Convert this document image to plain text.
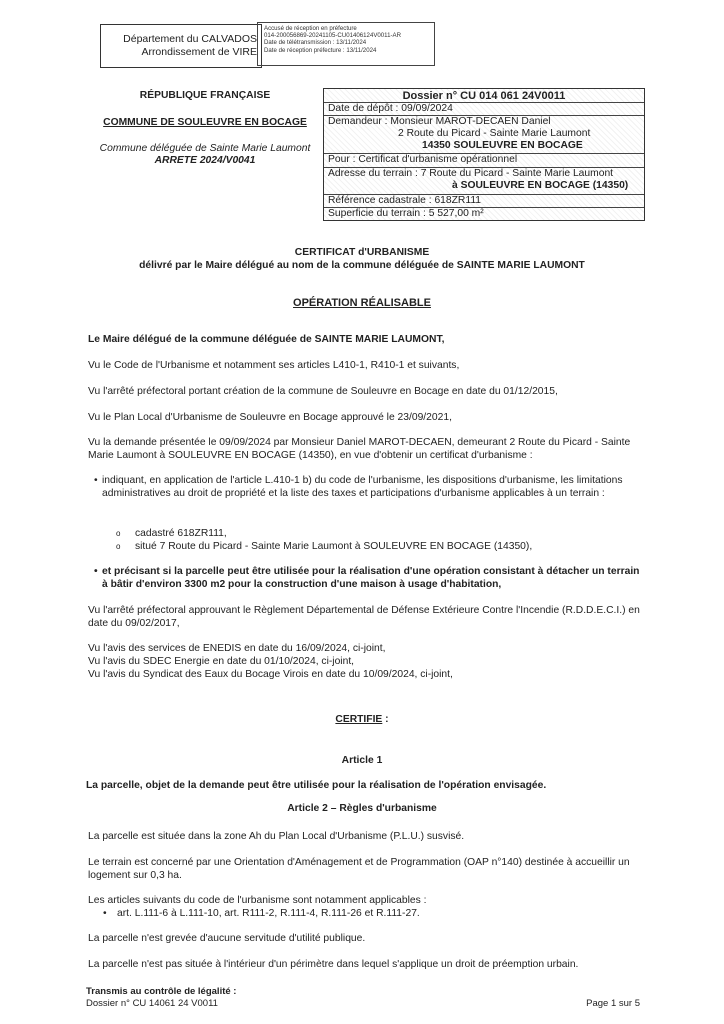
Département du CALVADOS
Arrondissement de VIRE
Accusé de réception en préfecture
014-200056869-20241105-CU01406124V0011-AR
Date de télétransmission : 13/11/2024
Date de réception préfecture : 13/11/2024
RÉPUBLIQUE FRANÇAISE
COMMUNE DE SOULEUVRE EN BOCAGE
Commune déléguée de Sainte Marie Laumont
ARRETE 2024/V0041
Dossier n° CU 014 061 24V0011
Date de dépôt : 09/09/2024
Demandeur : Monsieur MAROT-DECAEN Daniel
2 Route du Picard - Sainte Marie Laumont
14350 SOULEUVRE EN BOCAGE
Pour : Certificat d'urbanisme opérationnel
Adresse du terrain : 7 Route du Picard - Sainte Marie Laumont
à SOULEUVRE EN BOCAGE (14350)
Référence cadastrale : 618ZR111
Superficie du terrain : 5 527,00 m²
CERTIFICAT d'URBANISME
délivré par le Maire délégué au nom de la commune déléguée de SAINTE MARIE LAUMONT
OPÉRATION RÉALISABLE
Le Maire délégué de la commune déléguée de SAINTE MARIE LAUMONT,
Vu le Code de l'Urbanisme et notamment ses articles L410-1, R410-1 et suivants,
Vu l'arrêté préfectoral portant création de la commune de Souleuvre en Bocage en date du 01/12/2015,
Vu le Plan Local d'Urbanisme de Souleuvre en Bocage approuvé le 23/09/2021,
Vu la demande présentée le 09/09/2024 par Monsieur Daniel MAROT-DECAEN, demeurant 2 Route du Picard - Sainte Marie Laumont à SOULEUVRE EN BOCAGE (14350), en vue d'obtenir un certificat d'urbanisme :
• indiquant, en application de l'article L.410-1 b) du code de l'urbanisme, les dispositions d'urbanisme, les limitations administratives au droit de propriété et la liste des taxes et participations d'urbanisme applicables à un terrain :
o cadastré 618ZR111,
o situé 7 Route du Picard - Sainte Marie Laumont à SOULEUVRE EN BOCAGE (14350),
• et précisant si la parcelle peut être utilisée pour la réalisation d'une opération consistant à détacher un terrain à bâtir d'environ 3300 m2 pour la construction d'une maison à usage d'habitation,
Vu l'arrêté préfectoral approuvant le Règlement Départemental de Défense Extérieure Contre l'Incendie (R.D.D.E.C.I.) en date du 09/02/2017,
Vu l'avis des services de ENEDIS en date du 16/09/2024, ci-joint,
Vu l'avis du SDEC Energie en date du 01/10/2024, ci-joint,
Vu l'avis du Syndicat des Eaux du Bocage Virois en date du 10/09/2024, ci-joint,
CERTIFIE :
Article 1
La parcelle, objet de la demande peut être utilisée pour la réalisation de l'opération envisagée.
Article 2 – Règles d'urbanisme
La parcelle est située dans la zone Ah du Plan Local d'Urbanisme (P.L.U.) susvisé.
Le terrain est concerné par une Orientation d'Aménagement et de Programmation (OAP n°140) destinée à accueillir un logement sur 0,3 ha.
Les articles suivants du code de l'urbanisme sont notamment applicables :
• art. L.111-6 à L.111-10, art. R111-2, R.111-4, R.111-26 et R.111-27.
La parcelle n'est grevée d'aucune servitude d'utilité publique.
La parcelle n'est pas située à l'intérieur d'un périmètre dans lequel s'applique un droit de préemption urbain.
Transmis au contrôle de légalité :
Dossier n° CU 14061 24 V0011	Page 1 sur 5
